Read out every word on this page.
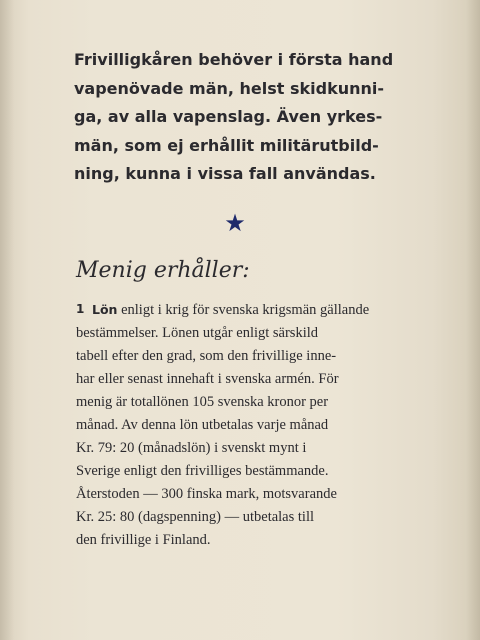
Frivilligkåren behöver i första hand
vapenövade män, helst skidkunni-
ga, av alla vapenslag. Även yrkes-
män, som ej erhållit militärutbild-
ning, kunna i vissa fall användas.

★
Menig erhåller:
1 Lön enligt i krig för svenska krigsmän gällande
bestämmelser. Lönen utgår enligt särskild
tabell efter den grad, som den frivillige inne-
har eller senast innehaft i svenska armén. För
menig är totallönen 105 svenska kronor per
månad. Av denna lön utbetalas varje månad
Kr. 79: 20 (månadslön) i svenskt mynt i
Sverige enligt den frivilliges bestämmande.
Återstoden — 300 finska mark, motsvarande
Kr. 25: 80 (dagspenning) — utbetalas till
den frivillige i Finland.
